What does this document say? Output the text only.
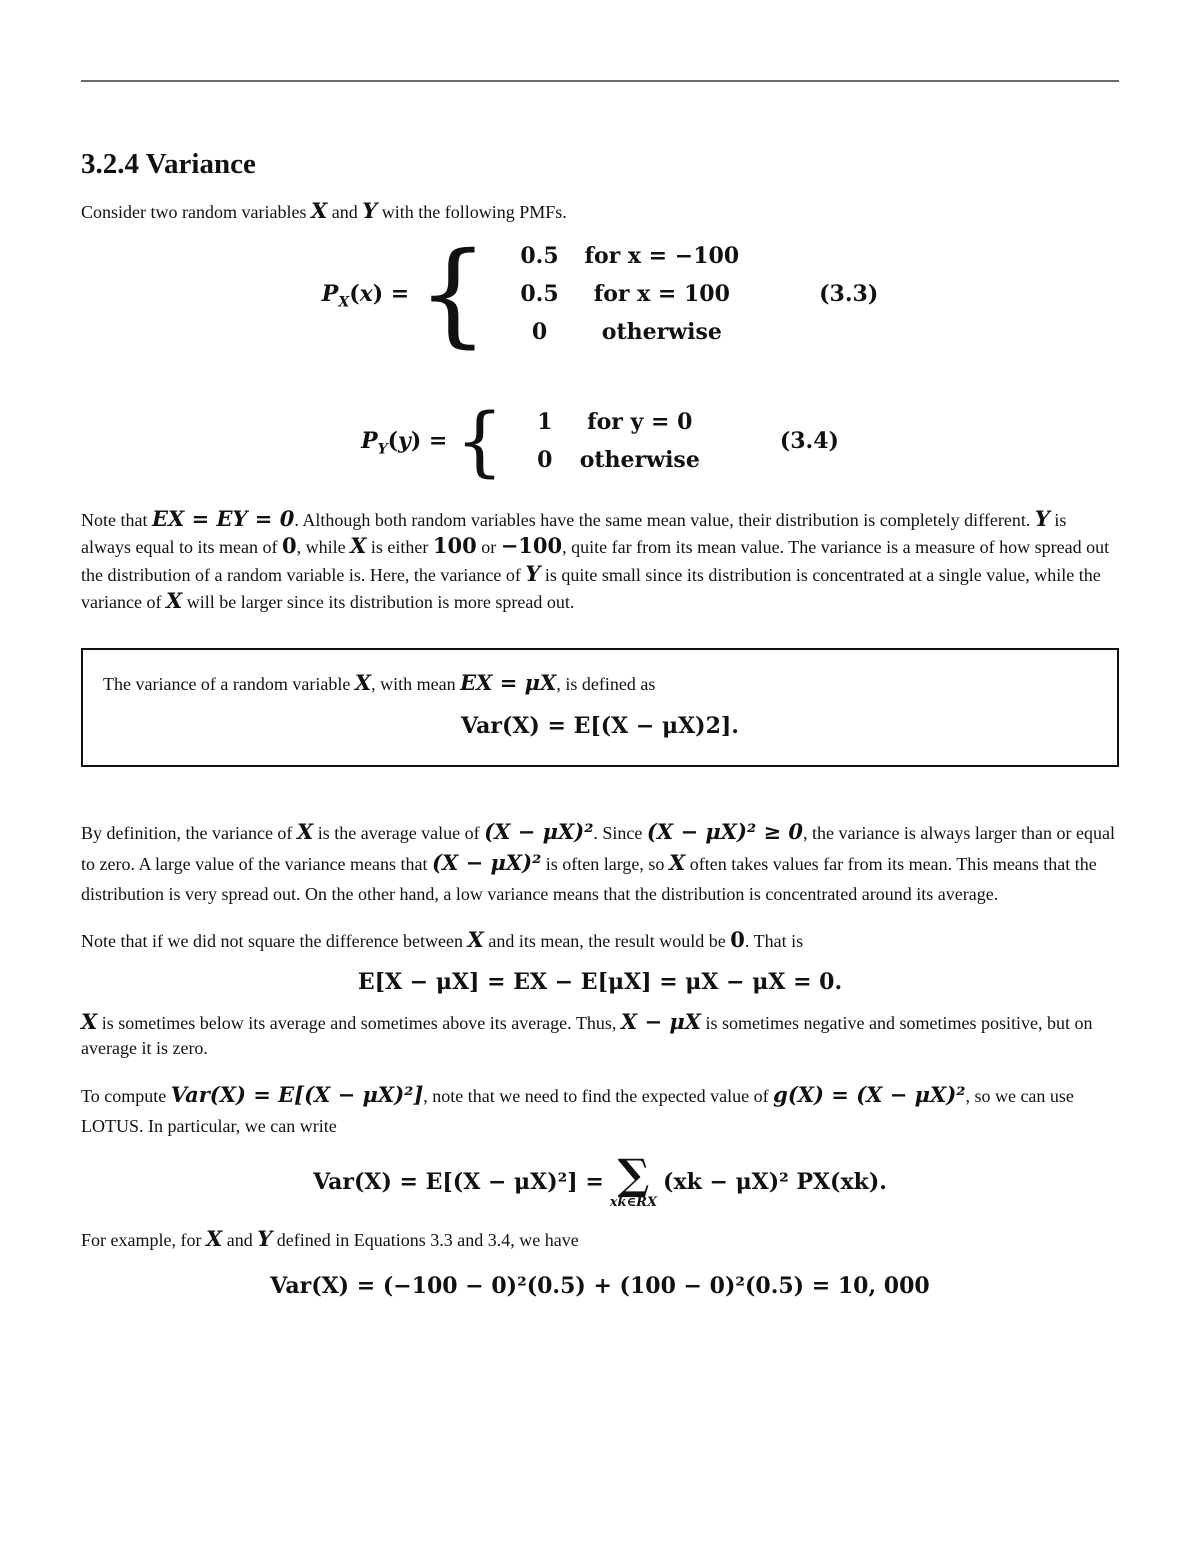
3.2.4 Variance

Consider two random variables X and Y with the following PMFs.

$P_X(x)$ = { 0.5	for x = −100
0.5	for x = 100
0	otherwise
(3.3)
$P_Y(y)$ = { 1	for y = 0
0	otherwise
(3.4)

Note that EX = EY = 0. Although both random variables have the same mean value, their distribution is completely different. Y is always equal to its mean of 0, while X is either 100 or −100, quite far from its mean value. The variance is a measure of how spread out the distribution of a random variable is. Here, the variance of Y is quite small since its distribution is concentrated at a single value, while the variance of X will be larger since its distribution is more spread out.

The variance of a random variable X, with mean EX = μX, is defined as

Var(X) = E[(X − μX)2].

By definition, the variance of X is the average value of (X − μX)². Since (X − μX)² ≥ 0, the variance is always larger than or equal to zero. A large value of the variance means that (X − μX)² is often large, so X often takes values far from its mean. This means that the distribution is very spread out. On the other hand, a low variance means that the distribution is concentrated around its average.

Note that if we did not square the difference between X and its mean, the result would be 0. That is

E[X − μX] = EX − E[μX] = μX − μX = 0.

X is sometimes below its average and sometimes above its average. Thus, X − μX is sometimes negative and sometimes positive, but on average it is zero.

To compute Var(X) = E[(X − μX)²], note that we need to find the expected value of g(X) = (X − μX)², so we can use LOTUS. In particular, we can write

Var(X) = E[(X − μX)²] = ∑
xk∈RX
(xk − μX)² PX(xk).

For example, for X and Y defined in Equations 3.3 and 3.4, we have

Var(X) = (−100 − 0)²(0.5) + (100 − 0)²(0.5) = 10, 000
